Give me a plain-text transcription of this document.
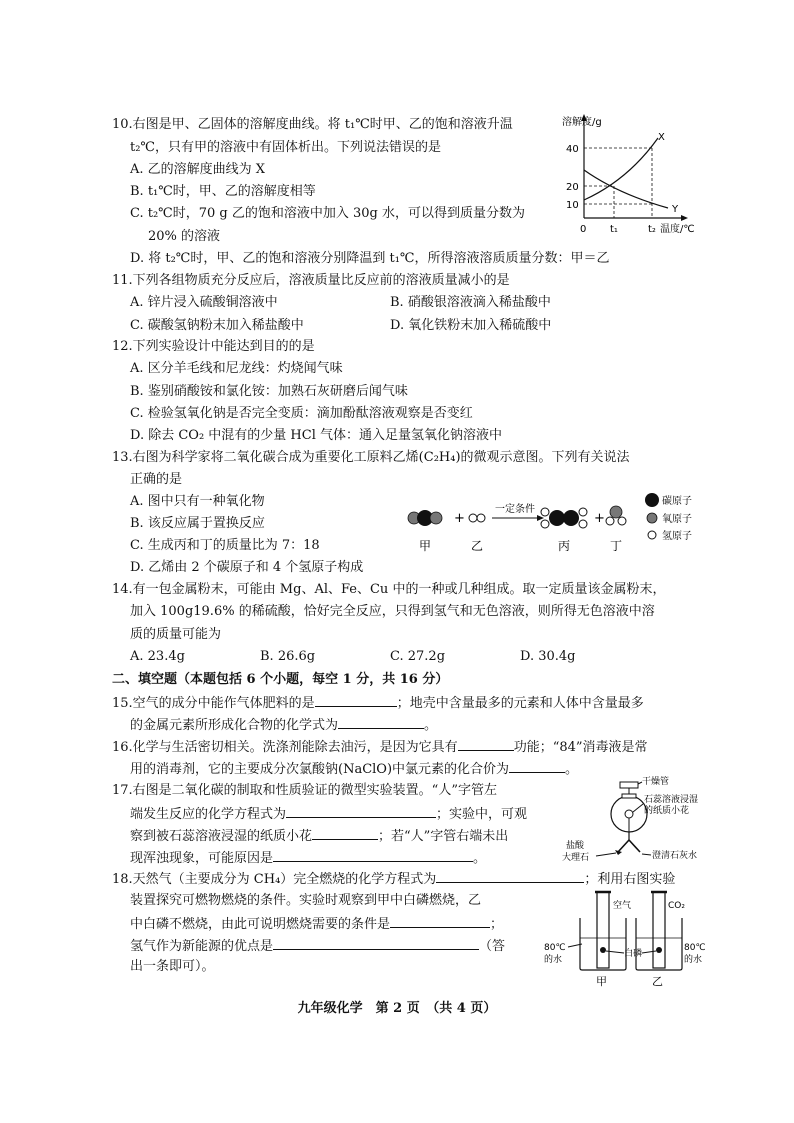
10.右图是甲、乙固体的溶解度曲线。将 t₁℃时甲、乙的饱和溶液升温
t₂℃，只有甲的溶液中有固体析出。下列说法错误的是
A. 乙的溶解度曲线为 X
B. t₁℃时，甲、乙的溶解度相等
C. t₂℃时，70 g 乙的饱和溶液中加入 30g 水，可以得到质量分数为
20% 的溶液
D. 将 t₂℃时，甲、乙的饱和溶液分别降温到 t₁℃，所得溶液溶质质量分数：甲＝乙
溶解度/g
40
20
10
0 t₁	t₂ 温度/℃
X
Y
11.下列各组物质充分反应后，溶液质量比反应前的溶液质量减小的是
A. 锌片浸入硫酸铜溶液中	B. 硝酸银溶液滴入稀盐酸中
C. 碳酸氢钠粉末加入稀盐酸中	D. 氧化铁粉末加入稀硫酸中
12.下列实验设计中能达到目的的是
A. 区分羊毛线和尼龙线：灼烧闻气味
B. 鉴别硝酸铵和氯化铵：加熟石灰研磨后闻气味
C. 检验氢氧化钠是否完全变质：滴加酚酞溶液观察是否变红
D. 除去 CO₂ 中混有的少量 HCl 气体：通入足量氢氧化钠溶液中
13.右图为科学家将二氧化碳合成为重要化工原料乙烯(C₂H₄)的微观示意图。下列有关说法
正确的是
A. 图中只有一种氧化物
B. 该反应属于置换反应
C. 生成丙和丁的质量比为 7：18
D. 乙烯由 2 个碳原子和 4 个氢原子构成
+
一定条件
+
甲	乙	丙	丁
碳原子
氧原子
氢原子
14.有一包金属粉末，可能由 Mg、Al、Fe、Cu 中的一种或几种组成。取一定质量该金属粉末，
加入 100g19.6% 的稀硫酸，恰好完全反应，只得到氢气和无色溶液，则所得无色溶液中溶
质的质量可能为
A. 23.4g	B. 26.6g	C. 27.2g	D. 30.4g
二、填空题（本题包括 6 个小题，每空 1 分，共 16 分）
15.空气的成分中能作气体肥料的是	；地壳中含量最多的元素和人体中含量最多
的金属元素所形成化合物的化学式为	。
16.化学与生活密切相关。洗涤剂能除去油污，是因为它具有	功能；“84”消毒液是常
用的消毒剂，它的主要成分次氯酸钠(NaClO)中氯元素的化合价为	。
17.右图是二氧化碳的制取和性质验证的微型实验装置。“人”字管左
端发生反应的化学方程式为	；实验中，可观
察到被石蕊溶液浸湿的纸质小花	；若“人”字管右端未出
现浑浊现象，可能原因是	。
干燥管
石蕊溶液浸湿
的纸质小花
盐酸
大理石	澄清石灰水
18.天然气（主要成分为 CH₄）完全燃烧的化学方程式为	；利用右图实验
装置探究可燃物燃烧的条件。实验时观察到甲中白磷燃烧，乙
中白磷不燃烧，由此可说明燃烧需要的条件是	；
氢气作为新能源的优点是	（答
出一条即可）。
空气	CO₂
白磷
80℃
的水
80℃
的水
甲	乙
九年级化学　第 2 页　（共 4 页）
